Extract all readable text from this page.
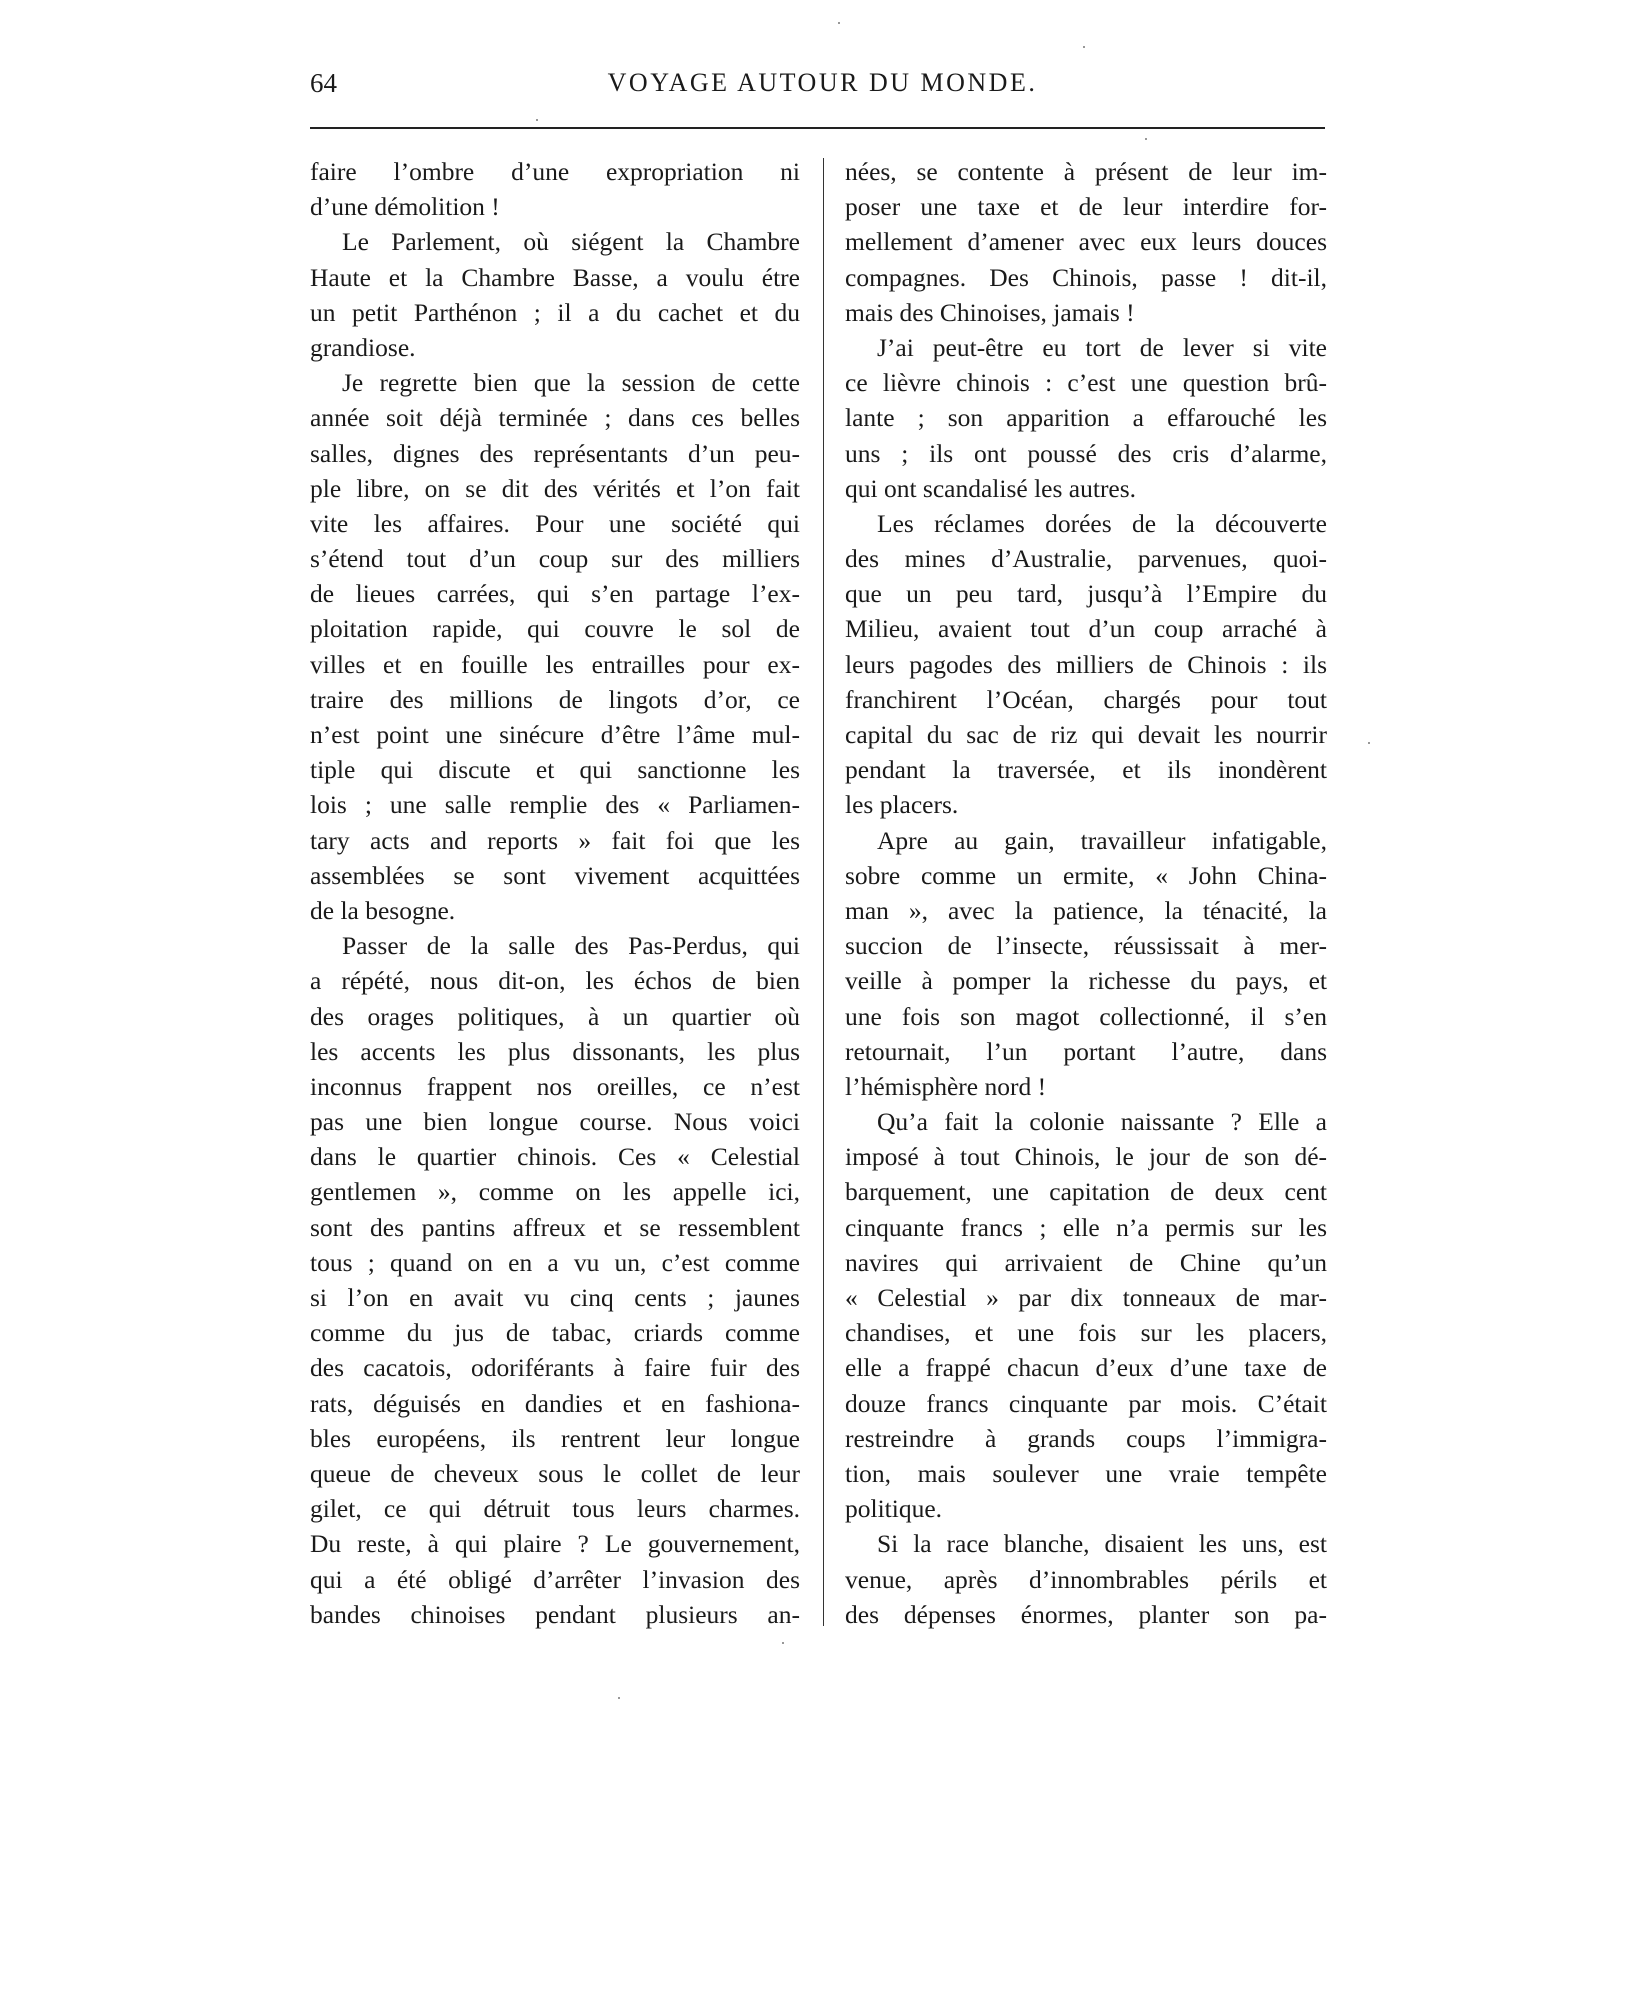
64	VOYAGE AUTOUR DU MONDE.
faire l’ombre d’une expropriation ni
d’une démolition !
Le Parlement, où siégent la Chambre
Haute et la Chambre Basse, a voulu étre
un petit Parthénon ; il a du cachet et du
grandiose.
Je regrette bien que la session de cette
année soit déjà terminée ; dans ces belles
salles, dignes des représentants d’un peu-
ple libre, on se dit des vérités et l’on fait
vite les affaires. Pour une société qui
s’étend tout d’un coup sur des milliers
de lieues carrées, qui s’en partage l’ex-
ploitation rapide, qui couvre le sol de
villes et en fouille les entrailles pour ex-
traire des millions de lingots d’or, ce
n’est point une sinécure d’être l’âme mul-
tiple qui discute et qui sanctionne les
lois ; une salle remplie des « Parliamen-
tary acts and reports » fait foi que les
assemblées se sont vivement acquittées
de la besogne.
Passer de la salle des Pas-Perdus, qui
a répété, nous dit-on, les échos de bien
des orages politiques, à un quartier où
les accents les plus dissonants, les plus
inconnus frappent nos oreilles, ce n’est
pas une bien longue course. Nous voici
dans le quartier chinois. Ces « Celestial
gentlemen », comme on les appelle ici,
sont des pantins affreux et se ressemblent
tous ; quand on en a vu un, c’est comme
si l’on en avait vu cinq cents ; jaunes
comme du jus de tabac, criards comme
des cacatois, odoriférants à faire fuir des
rats, déguisés en dandies et en fashiona-
bles européens, ils rentrent leur longue
queue de cheveux sous le collet de leur
gilet, ce qui détruit tous leurs charmes.
Du reste, à qui plaire ? Le gouvernement,
qui a été obligé d’arrêter l’invasion des
bandes chinoises pendant plusieurs an-
nées, se contente à présent de leur im-
poser une taxe et de leur interdire for-
mellement d’amener avec eux leurs douces
compagnes. Des Chinois, passe ! dit-il,
mais des Chinoises, jamais !
J’ai peut-être eu tort de lever si vite
ce lièvre chinois : c’est une question brû-
lante ; son apparition a effarouché les
uns ; ils ont poussé des cris d’alarme,
qui ont scandalisé les autres.
Les réclames dorées de la découverte
des mines d’Australie, parvenues, quoi-
que un peu tard, jusqu’à l’Empire du
Milieu, avaient tout d’un coup arraché à
leurs pagodes des milliers de Chinois : ils
franchirent l’Océan, chargés pour tout
capital du sac de riz qui devait les nourrir
pendant la traversée, et ils inondèrent
les placers.
Apre au gain, travailleur infatigable,
sobre comme un ermite, « John China-
man », avec la patience, la ténacité, la
succion de l’insecte, réussissait à mer-
veille à pomper la richesse du pays, et
une fois son magot collectionné, il s’en
retournait, l’un portant l’autre, dans
l’hémisphère nord !
Qu’a fait la colonie naissante ? Elle a
imposé à tout Chinois, le jour de son dé-
barquement, une capitation de deux cent
cinquante francs ; elle n’a permis sur les
navires qui arrivaient de Chine qu’un
« Celestial » par dix tonneaux de mar-
chandises, et une fois sur les placers,
elle a frappé chacun d’eux d’une taxe de
douze francs cinquante par mois. C’était
restreindre à grands coups l’immigra-
tion, mais soulever une vraie tempête
politique.
Si la race blanche, disaient les uns, est
venue, après d’innombrables périls et
des dépenses énormes, planter son pa-
